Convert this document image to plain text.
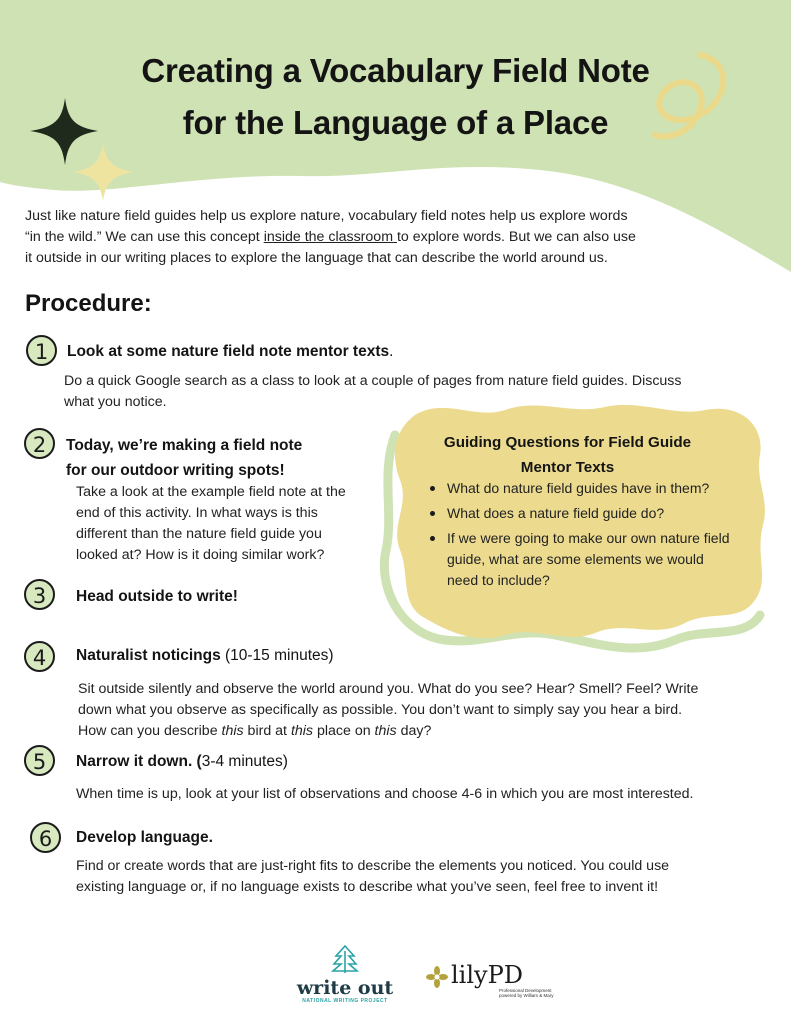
Creating a Vocabulary Field Note
for the Language of a Place

Just like nature field guides help us explore nature, vocabulary field notes help us explore words

“in the wild.” We can use this concept inside the classroom to explore words. But we can also use

it outside in our writing places to explore the language that can describe the world around us.

Procedure:
Guiding Questions for Field Guide
Mentor Texts
What do nature field guides have in them?
What does a nature field guide do?
If we were going to make our own nature field guide, what are some elements we would need to include?
1	Look at some nature field note mentor texts.

Do a quick Google search as a class to look at a couple of pages from nature field guides. Discuss

what you notice.

2	Today, we’re making a field note
for our outdoor writing spots!

Take a look at the example field note at the

end of this activity. In what ways is this

different than the nature field guide you

looked at? How is it doing similar work?

3	Head outside to write!
4	Naturalist noticings (10-15 minutes)

Sit outside silently and observe the world around you. What do you see? Hear? Smell? Feel? Write

down what you observe as specifically as possible. You don’t want to simply say you hear a bird.

How can you describe this bird at this place on this day?

5	Narrow it down. (3-4 minutes)

When time is up, look at your list of observations and choose 4-6 in which you are most interested.

6	Develop language.

Find or create words that are just-right fits to describe the elements you noticed. You could use

existing language or, if no language exists to describe what you’ve seen, feel free to invent it!

write out
NATIONAL WRITING PROJECT
lilyPD
Professional Development
powered by William & Mary
